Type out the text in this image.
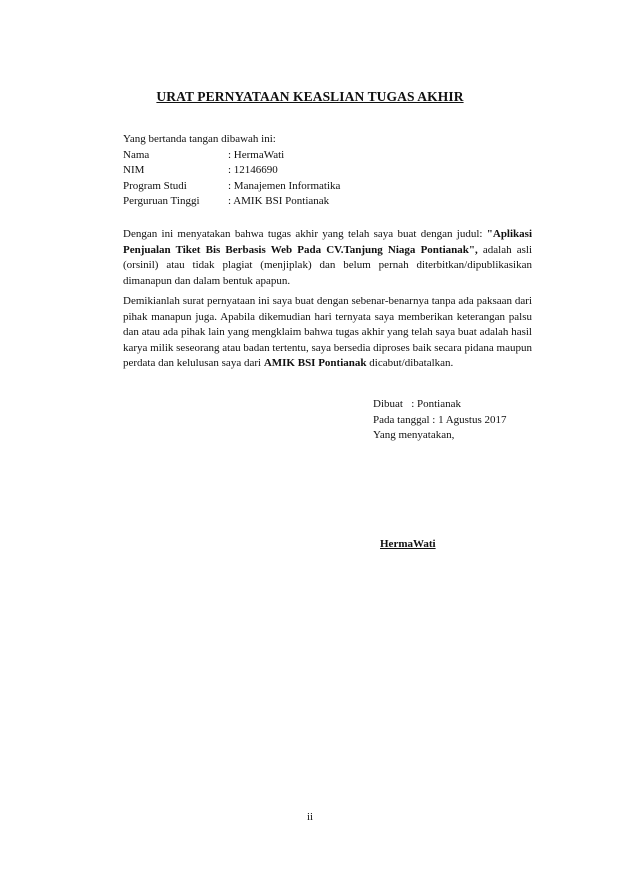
URAT PERNYATAAN KEASLIAN TUGAS AKHIR
Yang bertanda tangan dibawah ini:
Nama	: HermaWati
NIM	: 12146690
Program Studi	: Manajemen Informatika
Perguruan Tinggi	: AMIK BSI Pontianak
Dengan ini menyatakan bahwa tugas akhir yang telah saya buat dengan judul: "Aplikasi Penjualan Tiket Bis Berbasis Web Pada CV.Tanjung Niaga Pontianak", adalah asli (orsinil) atau tidak plagiat (menjiplak) dan belum pernah diterbitkan/dipublikasikan dimanapun dan dalam bentuk apapun.
Demikianlah surat pernyataan ini saya buat dengan sebenar-benarnya tanpa ada paksaan dari pihak manapun juga. Apabila dikemudian hari ternyata saya memberikan keterangan palsu dan atau ada pihak lain yang mengklaim bahwa tugas akhir yang telah saya buat adalah hasil karya milik seseorang atau badan tertentu, saya bersedia diproses baik secara pidana maupun perdata dan kelulusan saya dari AMIK BSI Pontianak dicabut/dibatalkan.
Dibuat   : Pontianak
Pada tanggal : 1 Agustus 2017
Yang menyatakan,
HermaWati
ii
